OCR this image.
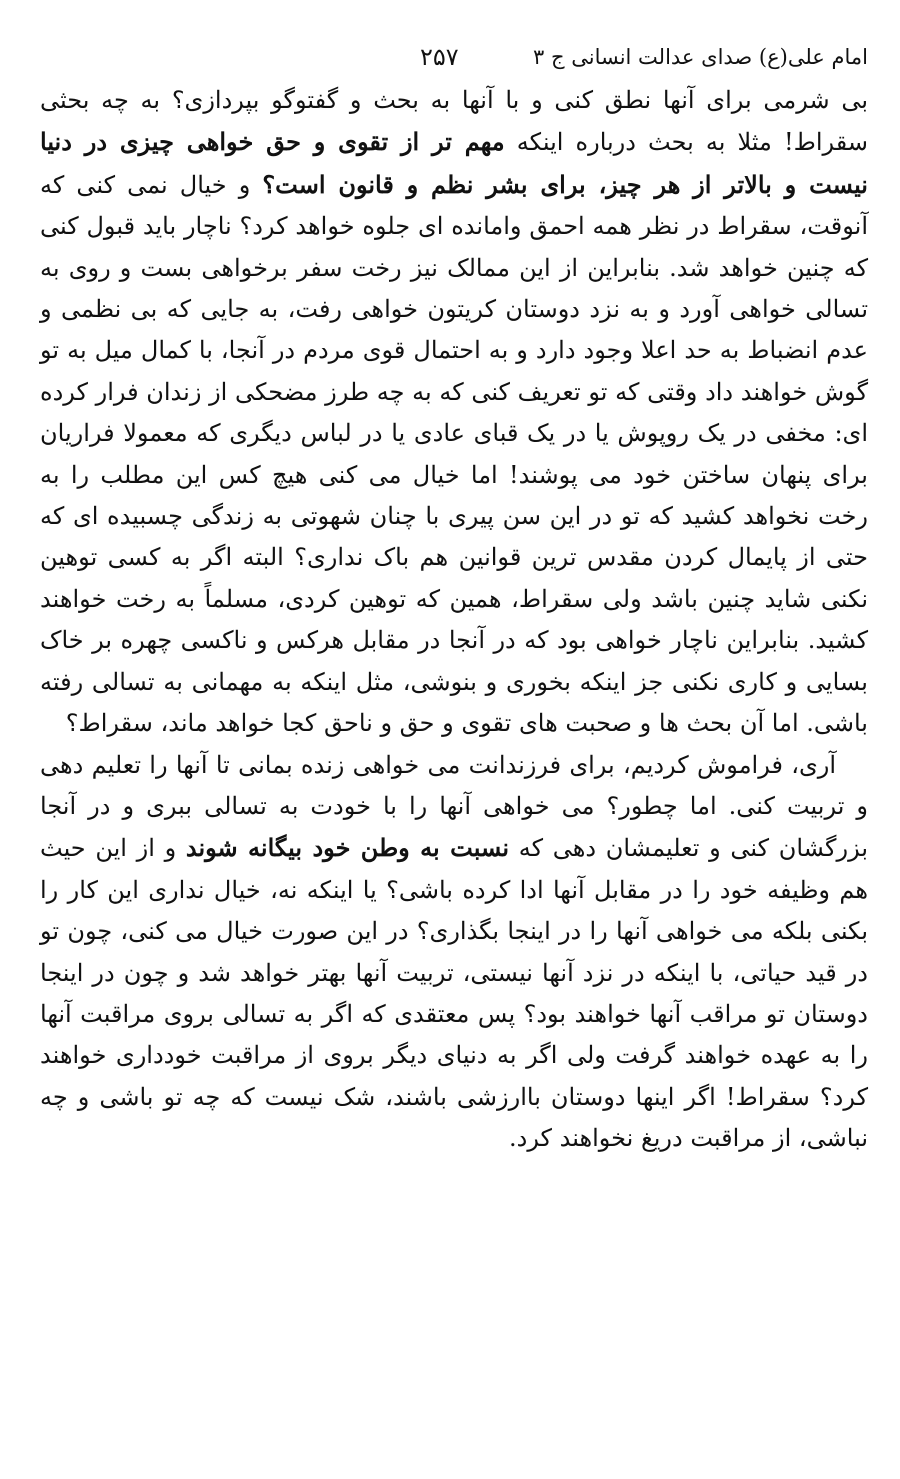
امام علی(ع) صدای عدالت انسانی ج ۳
۲۵۷

بی شرمی برای آنها نطق کنی و با آنها به بحث و گفتوگو بپردازی؟ به چه بحثی سقراط! مثلا به بحث درباره اینکه مهم تر از تقوی و حق خواهی چیزی در دنیا نیست و بالاتر از هر چیز، برای بشر نظم و قانون است؟ و خیال نمی کنی که آنوقت، سقراط در نظر همه احمق وامانده ای جلوه خواهد کرد؟ ناچار باید قبول کنی که چنین خواهد شد. بنابراین از این ممالک نیز رخت سفر برخواهی بست و روی به تسالی خواهی آورد و به نزد دوستان کریتون خواهی رفت، به جایی که بی نظمی و عدم انضباط به حد اعلا وجود دارد و به احتمال قوی مردم در آنجا، با کمال میل به تو گوش خواهند داد وقتی که تو تعریف کنی که به چه طرز مضحکی از زندان فرار کرده ای: مخفی در یک روپوش یا در یک قبای عادی یا در لباس دیگری که معمولا فراریان برای پنهان ساختن خود می پوشند! اما خیال می کنی هیچ کس این مطلب را به رخت نخواهد کشید که تو در این سن پیری با چنان شهوتی به زندگی چسبیده ای که حتی از پایمال کردن مقدس ترین قوانین هم باک نداری؟ البته اگر به کسی توهین نکنی شاید چنین باشد ولی سقراط، همین که توهین کردی، مسلماً به رخت خواهند کشید. بنابراین ناچار خواهی بود که در آنجا در مقابل هرکس و ناکسی چهره بر خاک بسایی و کاری نکنی جز اینکه بخوری و بنوشی، مثل اینکه به مهمانی به تسالی رفته باشی. اما آن بحث ها و صحبت های تقوی و حق و ناحق کجا خواهد ماند، سقراط؟

آری، فراموش کردیم، برای فرزندانت می خواهی زنده بمانی تا آنها را تعلیم دهی و تربیت کنی. اما چطور؟ می خواهی آنها را با خودت به تسالی ببری و در آنجا بزرگشان کنی و تعلیمشان دهی که نسبت به وطن خود بیگانه شوند و از این حیث هم وظیفه خود را در مقابل آنها ادا کرده باشی؟ یا اینکه نه، خیال نداری این کار را بکنی بلکه می خواهی آنها را در اینجا بگذاری؟ در این صورت خیال می کنی، چون تو در قید حیاتی، با اینکه در نزد آنها نیستی، تربیت آنها بهتر خواهد شد و چون در اینجا دوستان تو مراقب آنها خواهند بود؟ پس معتقدی که اگر به تسالی بروی مراقبت آنها را به عهده خواهند گرفت ولی اگر به دنیای دیگر بروی از مراقبت خودداری خواهند کرد؟ سقراط! اگر اینها دوستان باارزشی باشند، شک نیست که چه تو باشی و چه نباشی، از مراقبت دریغ نخواهند کرد.
